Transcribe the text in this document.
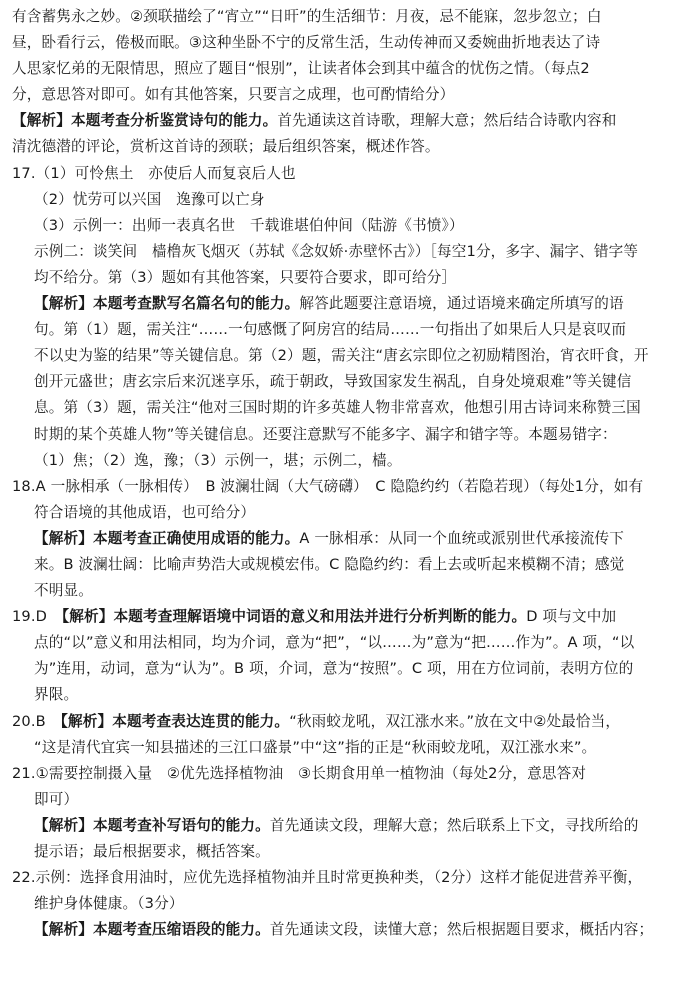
有含蓄隽永之妙。②颈联描绘了“宵立”“日旰”的生活细节：月夜，忌不能寐，忽步忽立；白
昼，卧看行云，倦极而眠。③这种坐卧不宁的反常生活，生动传神而又委婉曲折地表达了诗
人思家忆弟的无限情思，照应了题目“恨别”，让读者体会到其中蕴含的忧伤之情。（每点2
分，意思答对即可。如有其他答案，只要言之成理，也可酌情给分）
【解析】本题考查分析鉴赏诗句的能力。首先通读这首诗歌，理解大意；然后结合诗歌内容和
清沈德潜的评论，赏析这首诗的颈联；最后组织答案，概述作答。
17.（1）可怜焦土　亦使后人而复哀后人也
（2）忧劳可以兴国　逸豫可以亡身
（3）示例一：出师一表真名世　千载谁堪伯仲间（陆游《书愤》）
示例二：谈笑间　樯橹灰飞烟灭（苏轼《念奴娇·赤壁怀古》）［每空1分，多字、漏字、错字等
均不给分。第（3）题如有其他答案，只要符合要求，即可给分］
【解析】本题考查默写名篇名句的能力。解答此题要注意语境，通过语境来确定所填写的语
句。第（1）题，需关注“……一句感慨了阿房宫的结局……一句指出了如果后人只是哀叹而
不以史为鉴的结果”等关键信息。第（2）题，需关注“唐玄宗即位之初励精图治，宵衣旰食，开
创开元盛世；唐玄宗后来沉迷享乐，疏于朝政，导致国家发生祸乱，自身处境艰难”等关键信
息。第（3）题，需关注“他对三国时期的许多英雄人物非常喜欢，他想引用古诗词来称赞三国
时期的某个英雄人物”等关键信息。还要注意默写不能多字、漏字和错字等。本题易错字：
（1）焦；（2）逸，豫；（3）示例一，堪；示例二，樯。
18.A 一脉相承（一脉相传）　B 波澜壮阔（大气磅礴）　C 隐隐约约（若隐若现）（每处1分，如有
符合语境的其他成语，也可给分）
【解析】本题考查正确使用成语的能力。A 一脉相承：从同一个血统或派别世代承接流传下
来。B 波澜壮阔：比喻声势浩大或规模宏伟。C 隐隐约约：看上去或听起来模糊不清；感觉
不明显。
19.D　【解析】本题考查理解语境中词语的意义和用法并进行分析判断的能力。D 项与文中加
点的“以”意义和用法相同，均为介词，意为“把”，“以……为”意为“把……作为”。A 项，“以
为”连用，动词，意为“认为”。B 项，介词，意为“按照”。C 项，用在方位词前，表明方位的
界限。
20.B　【解析】本题考查表达连贯的能力。“秋雨蛟龙吼，双江涨水来。”放在文中②处最恰当，
“这是清代宜宾一知县描述的三江口盛景”中“这”指的正是“秋雨蛟龙吼，双江涨水来”。
21.①需要控制摄入量　②优先选择植物油　③长期食用单一植物油（每处2分，意思答对
即可）
【解析】本题考查补写语句的能力。首先通读文段，理解大意；然后联系上下文，寻找所给的
提示语；最后根据要求，概括答案。
22.示例：选择食用油时，应优先选择植物油并且时常更换种类，（2分）这样才能促进营养平衡，
维护身体健康。（3分）
【解析】本题考查压缩语段的能力。首先通读文段，读懂大意；然后根据题目要求，概括内容；
